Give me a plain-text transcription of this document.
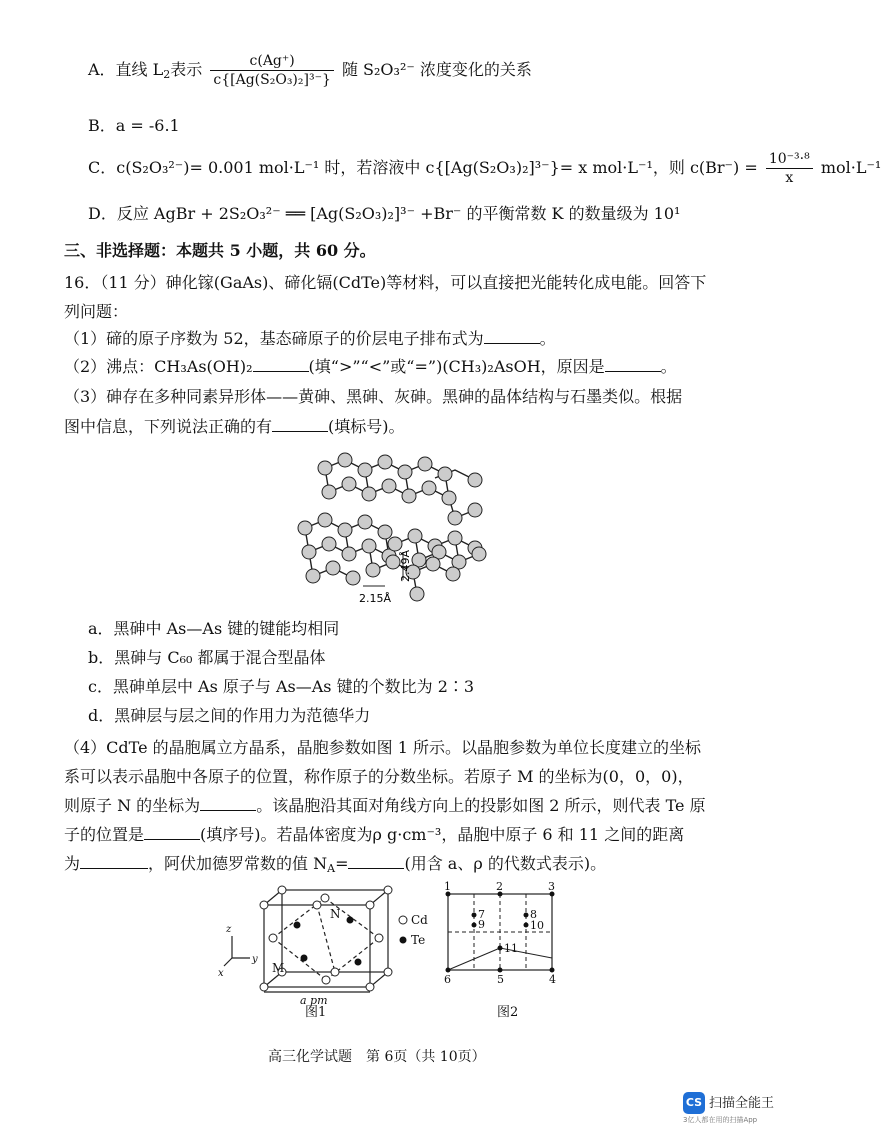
A．直线 $L_2$表示 $\frac{c(Ag^+)}{\text{c\{[Ag(S₂O₃)₂]³⁻\}}}$ 随 S₂O₃²⁻ 浓度变化的关系
B．a = -6.1
C．c(S₂O₃²⁻)= 0.001 mol·L⁻¹ 时，若溶液中 c{[Ag(S₂O₃)₂]³⁻}= x mol·L⁻¹，则 $c(Br^-) = \frac{\text{10⁻³·⁸}}{x} mol\cdot L^{-1}$
D．反应 AgBr + 2S₂O₃²⁻ ══ [Ag(S₂O₃)₂]³⁻ +Br⁻ 的平衡常数 K 的数量级为 10¹
三、非选择题：本题共 5 小题，共 60 分。
16．（11 分）砷化镓(GaAs)、碲化镉(CdTe)等材料，可以直接把光能转化成电能。回答下
列问题：
（1）碲的原子序数为 52，基态碲原子的价层电子排布式为	。
（2）沸点：CH₃As(OH)₂	(填“>”“<”或“=”)(CH₃)₂AsOH，原因是	。
（3）砷存在多种同素异形体——黄砷、黑砷、灰砷。黑砷的晶体结构与石墨类似。根据
图中信息，下列说法正确的有	(填标号)。
2.15Å
2.49Å
a．黑砷中 As—As 键的键能均相同
b．黑砷与 C₆₀ 都属于混合型晶体
c．黑砷单层中 As 原子与 As—As 键的个数比为 2∶3
d．黑砷层与层之间的作用力为范德华力
（4）CdTe 的晶胞属立方晶系，晶胞参数如图 1 所示。以晶胞参数为单位长度建立的坐标
系可以表示晶胞中各原子的位置，称作原子的分数坐标。若原子 M 的坐标为(0，0，0)，
则原子 N 的坐标为	。该晶胞沿其面对角线方向上的投影如图 2 所示，则代表 Te 原
子的位置是	(填序号)。若晶体密度为ρ g·cm⁻³，晶胞中原子 6 和 11 之间的距离
为	，阿伏加德罗常数的值 $N_A=$	(用含 a、ρ 的代数式表示)。
Cd
Te
z
y
x
N
M
a pm
图1
1	2	3
4
5
6
7	8
9	10
11
图2
高三化学试题　第 6页（共 10页）
CS 扫描全能王
3亿人都在用的扫描App
